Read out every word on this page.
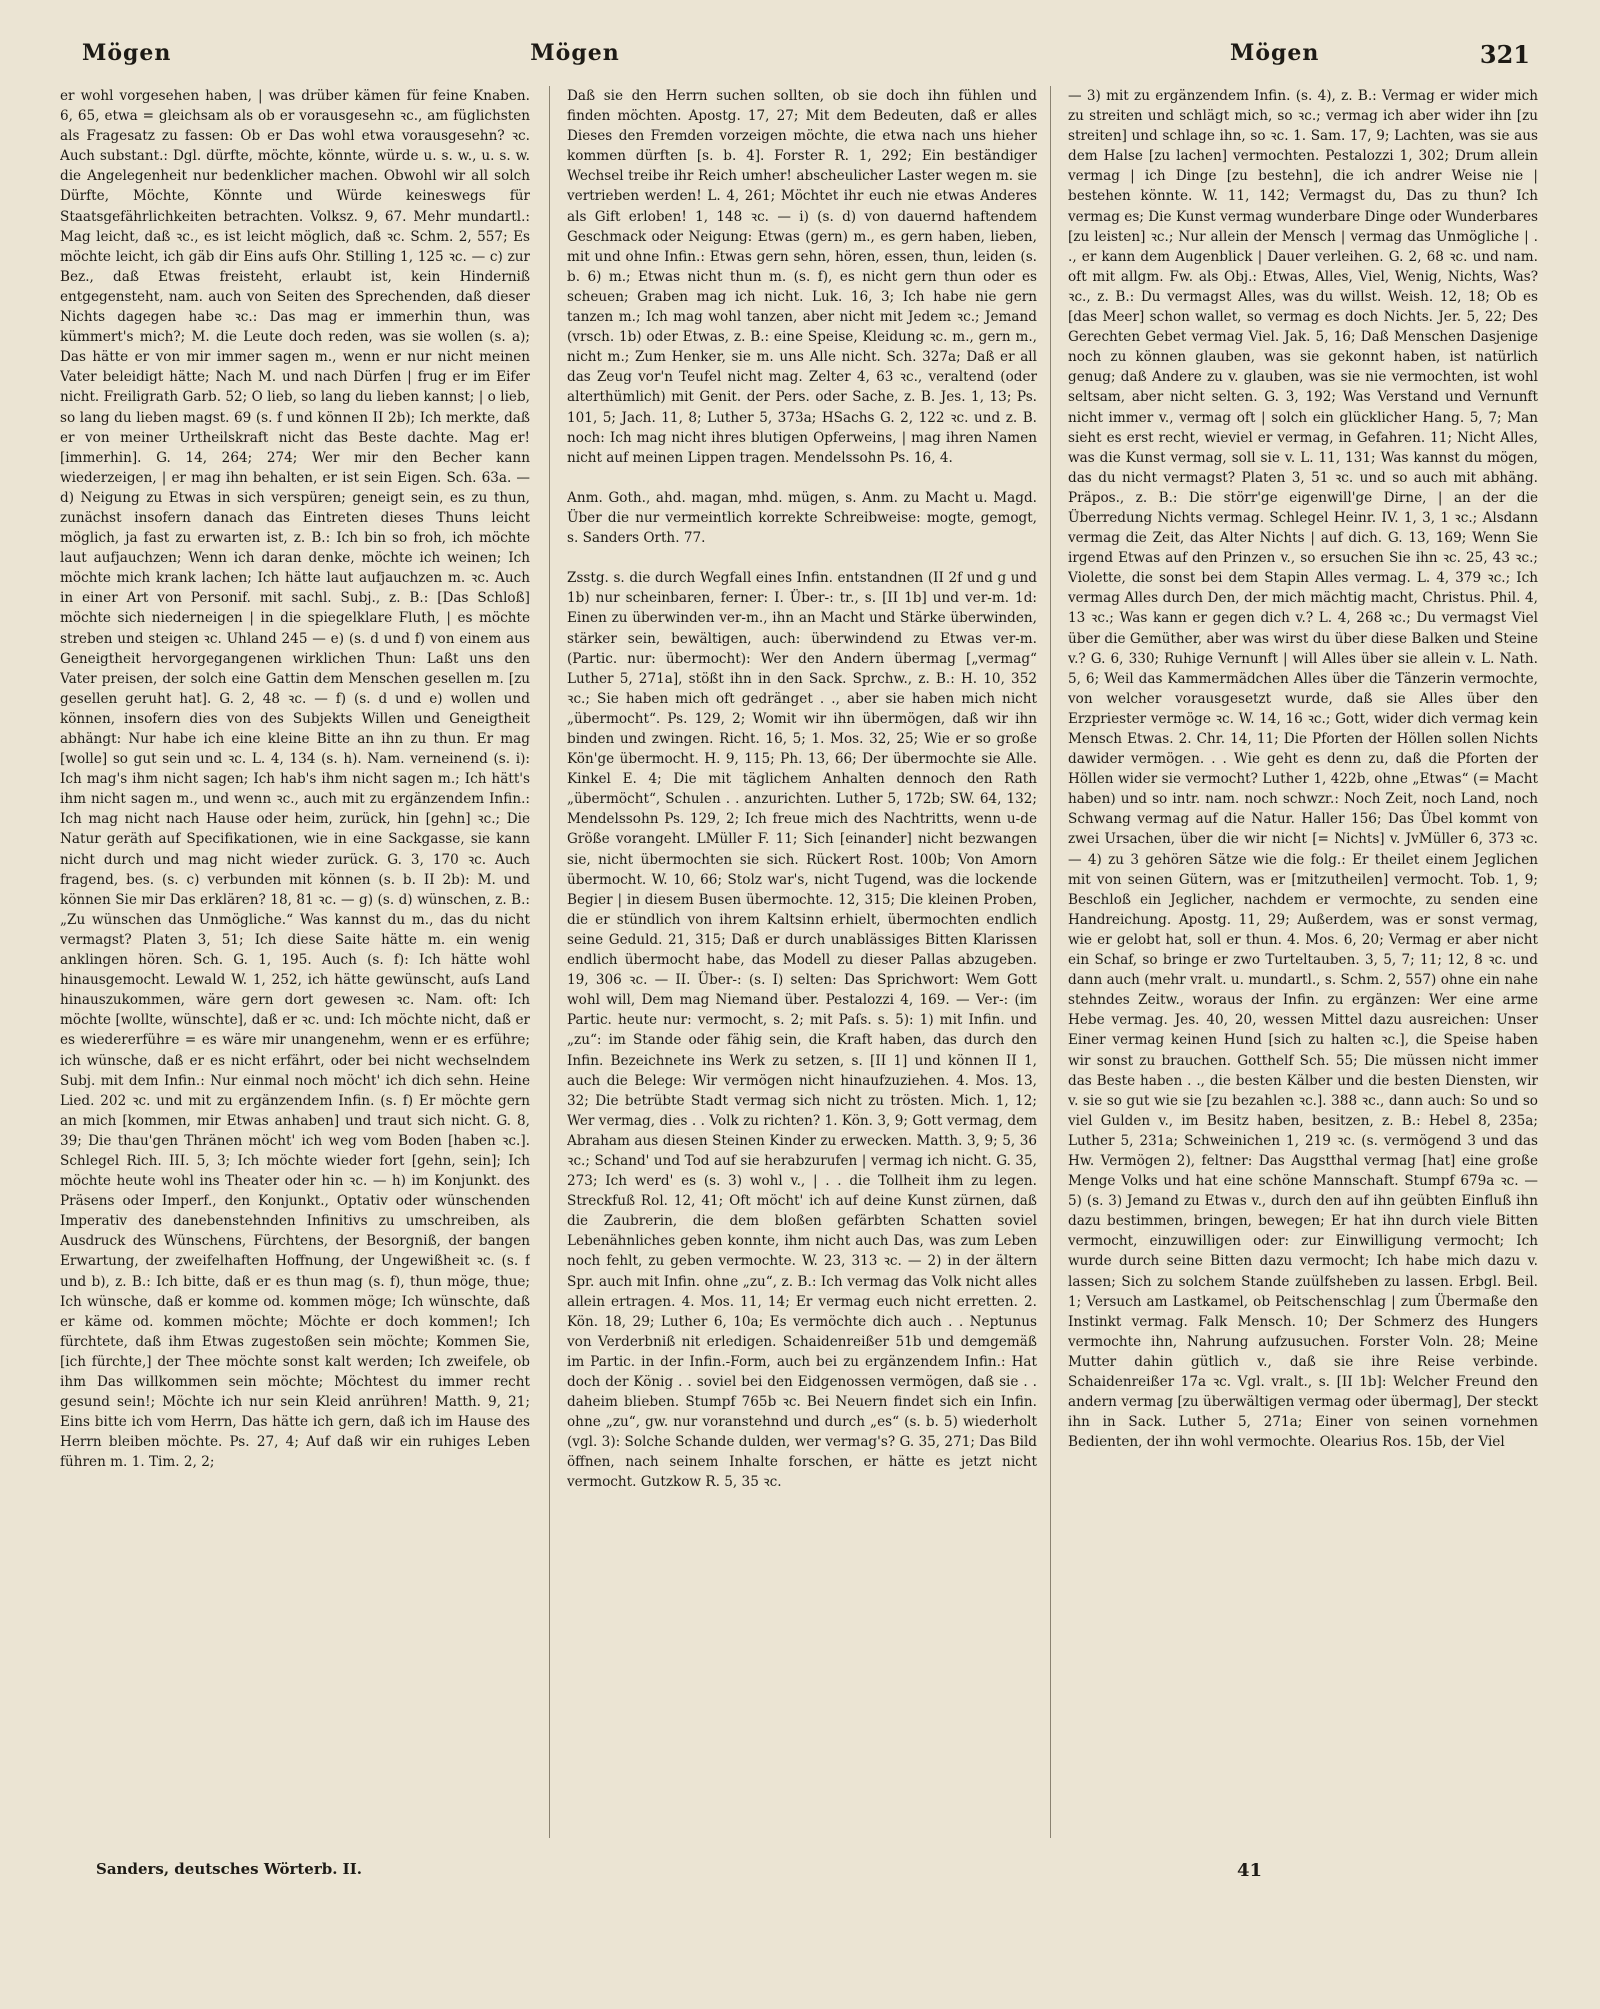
Mögen	Mögen	Mögen	321

er wohl vorgesehen haben, | was drüber kämen für feine Knaben. 6, 65, etwa = gleichsam als ob er vorausgesehn ꝛc., am füglichsten als Fragesatz zu fassen: Ob er Das wohl etwa vorausgesehn? ꝛc. Auch substant.: Dgl. dürfte, möchte, könnte, würde u. s. w., u. s. w. die Angelegenheit nur bedenklicher machen. Obwohl wir all solch Dürfte, Möchte, Könnte und Würde keineswegs für Staatsgefährlichkeiten betrachten. Volksz. 9, 67. Mehr mundartl.: Mag leicht, daß ꝛc., es ist leicht möglich, daß ꝛc. Schm. 2, 557; Es möchte leicht, ich gäb dir Eins aufs Ohr. Stilling 1, 125 ꝛc. — c) zur Bez., daß Etwas freisteht, erlaubt ist, kein Hinderniß entgegensteht, nam. auch von Seiten des Sprechenden, daß dieser Nichts dagegen habe ꝛc.: Das mag er immerhin thun, was kümmert's mich?; M. die Leute doch reden, was sie wollen (s. a); Das hätte er von mir immer sagen m., wenn er nur nicht meinen Vater beleidigt hätte; Nach M. und nach Dürfen | frug er im Eifer nicht. Freiligrath Garb. 52; O lieb, so lang du lieben kannst; | o lieb, so lang du lieben magst. 69 (s. f und können II 2b); Ich merkte, daß er von meiner Urtheilskraft nicht das Beste dachte. Mag er! [immerhin]. G. 14, 264; 274; Wer mir den Becher kann wiederzeigen, | er mag ihn behalten, er ist sein Eigen. Sch. 63a. — d) Neigung zu Etwas in sich verspüren; geneigt sein, es zu thun, zunächst insofern danach das Eintreten dieses Thuns leicht möglich, ja fast zu erwarten ist, z. B.: Ich bin so froh, ich möchte laut aufjauchzen; Wenn ich daran denke, möchte ich weinen; Ich möchte mich krank lachen; Ich hätte laut aufjauchzen m. ꝛc. Auch in einer Art von Personif. mit sachl. Subj., z. B.: [Das Schloß] möchte sich niederneigen | in die spiegelklare Fluth, | es möchte streben und steigen ꝛc. Uhland 245 — e) (s. d und f) von einem aus Geneigtheit hervorgegangenen wirklichen Thun: Laßt uns den Vater preisen, der solch eine Gattin dem Menschen gesellen m. [zu gesellen geruht hat]. G. 2, 48 ꝛc. — f) (s. d und e) wollen und können, insofern dies von des Subjekts Willen und Geneigtheit abhängt: Nur habe ich eine kleine Bitte an ihn zu thun. Er mag [wolle] so gut sein und ꝛc. L. 4, 134 (s. h). Nam. verneinend (s. i): Ich mag's ihm nicht sagen; Ich hab's ihm nicht sagen m.; Ich hätt's ihm nicht sagen m., und wenn ꝛc., auch mit zu ergänzendem Infin.: Ich mag nicht nach Hause oder heim, zurück, hin [gehn] ꝛc.; Die Natur geräth auf Specifikationen, wie in eine Sackgasse, sie kann nicht durch und mag nicht wieder zurück. G. 3, 170 ꝛc. Auch fragend, bes. (s. c) verbunden mit können (s. b. II 2b): M. und können Sie mir Das erklären? 18, 81 ꝛc. — g) (s. d) wünschen, z. B.: „Zu wünschen das Unmögliche.“ Was kannst du m., das du nicht vermagst? Platen 3, 51; Ich diese Saite hätte m. ein wenig anklingen hören. Sch. G. 1, 195. Auch (s. f): Ich hätte wohl hinausgemocht. Lewald W. 1, 252, ich hätte gewünscht, auſs Land hinauszukommen, wäre gern dort gewesen ꝛc. Nam. oft: Ich möchte [wollte, wünschte], daß er ꝛc. und: Ich möchte nicht, daß er es wiedererführe = es wäre mir unangenehm, wenn er es erführe; ich wünsche, daß er es nicht erfährt, oder bei nicht wechselndem Subj. mit dem Infin.: Nur einmal noch möcht' ich dich sehn. Heine Lied. 202 ꝛc. und mit zu ergänzendem Infin. (s. f) Er möchte gern an mich [kommen, mir Etwas anhaben] und traut sich nicht. G. 8, 39; Die thau'gen Thränen möcht' ich weg vom Boden [haben ꝛc.]. Schlegel Rich. III. 5, 3; Ich möchte wieder fort [gehn, sein]; Ich möchte heute wohl ins Theater oder hin ꝛc. — h) im Konjunkt. des Präsens oder Imperf., den Konjunkt., Optativ oder wünschenden Imperativ des danebenstehnden Infinitivs zu umschreiben, als Ausdruck des Wünschens, Fürchtens, der Besorgniß, der bangen Erwartung, der zweifelhaften Hoffnung, der Ungewißheit ꝛc. (s. f und b), z. B.: Ich bitte, daß er es thun mag (s. f), thun möge, thue; Ich wünsche, daß er komme od. kommen möge; Ich wünschte, daß er käme od. kommen möchte; Möchte er doch kommen!; Ich fürchtete, daß ihm Etwas zugestoßen sein möchte; Kommen Sie, [ich fürchte,] der Thee möchte sonst kalt werden; Ich zweifele, ob ihm Das willkommen sein möchte; Möchtest du immer recht gesund sein!; Möchte ich nur sein Kleid anrühren! Matth. 9, 21; Eins bitte ich vom Herrn, Das hätte ich gern, daß ich im Hause des Herrn bleiben möchte. Ps. 27, 4; Auf daß wir ein ruhiges Leben führen m. 1. Tim. 2, 2;

Daß sie den Herrn suchen sollten, ob sie doch ihn fühlen und finden möchten. Apostg. 17, 27; Mit dem Bedeuten, daß er alles Dieses den Fremden vorzeigen möchte, die etwa nach uns hieher kommen dürften [s. b. 4]. Forster R. 1, 292; Ein beständiger Wechsel treibe ihr Reich umher! abscheulicher Laster wegen m. sie vertrieben werden! L. 4, 261; Möchtet ihr euch nie etwas Anderes als Gift erloben! 1, 148 ꝛc. — i) (s. d) von dauernd haftendem Geschmack oder Neigung: Etwas (gern) m., es gern haben, lieben, mit und ohne Infin.: Etwas gern sehn, hören, essen, thun, leiden (s. b. 6) m.; Etwas nicht thun m. (s. f), es nicht gern thun oder es scheuen; Graben mag ich nicht. Luk. 16, 3; Ich habe nie gern tanzen m.; Ich mag wohl tanzen, aber nicht mit Jedem ꝛc.; Jemand (vrsch. 1b) oder Etwas, z. B.: eine Speise, Kleidung ꝛc. m., gern m., nicht m.; Zum Henker, sie m. uns Alle nicht. Sch. 327a; Daß er all das Zeug vor'n Teufel nicht mag. Zelter 4, 63 ꝛc., veraltend (oder alterthümlich) mit Genit. der Pers. oder Sache, z. B. Jes. 1, 13; Ps. 101, 5; Jach. 11, 8; Luther 5, 373a; HSachs G. 2, 122 ꝛc. und z. B. noch: Ich mag nicht ihres blutigen Opferweins, | mag ihren Namen nicht auf meinen Lippen tragen. Mendelssohn Ps. 16, 4.

Anm. Goth., ahd. magan, mhd. mügen, s. Anm. zu Macht u. Magd. Über die nur vermeintlich korrekte Schreibweise: mogte, gemogt, s. Sanders Orth. 77.

Zsstg. s. die durch Wegfall eines Infin. entstandnen (II 2f und g und 1b) nur scheinbaren, ferner: I. Über-: tr., s. [II 1b] und ver-m. 1d: Einen zu überwinden ver-m., ihn an Macht und Stärke überwinden, stärker sein, bewältigen, auch: überwindend zu Etwas ver-m. (Partic. nur: übermocht): Wer den Andern übermag [„vermag“ Luther 5, 271a], stößt ihn in den Sack. Sprchw., z. B.: H. 10, 352 ꝛc.; Sie haben mich oft gedränget . ., aber sie haben mich nicht „übermocht“. Ps. 129, 2; Womit wir ihn übermögen, daß wir ihn binden und zwingen. Richt. 16, 5; 1. Mos. 32, 25; Wie er so große Kön'ge übermocht. H. 9, 115; Ph. 13, 66; Der übermochte sie Alle. Kinkel E. 4; Die mit täglichem Anhalten dennoch den Rath „übermöcht“, Schulen . . anzurichten. Luther 5, 172b; SW. 64, 132; Mendelssohn Ps. 129, 2; Ich freue mich des Nachtritts, wenn u-de Größe vorangeht. LMüller F. 11; Sich [einander] nicht bezwangen sie, nicht übermochten sie sich. Rückert Rost. 100b; Von Amorn übermocht. W. 10, 66; Stolz war's, nicht Tugend, was die lockende Begier | in diesem Busen übermochte. 12, 315; Die kleinen Proben, die er stündlich von ihrem Kaltsinn erhielt, übermochten endlich seine Geduld. 21, 315; Daß er durch unablässiges Bitten Klarissen endlich übermocht habe, das Modell zu dieser Pallas abzugeben. 19, 306 ꝛc. — II. Über-: (s. I) selten: Das Sprichwort: Wem Gott wohl will, Dem mag Niemand über. Pestalozzi 4, 169. — Ver-: (im Partic. heute nur: vermocht, s. 2; mit Paſs. s. 5): 1) mit Infin. und „zu“: im Stande oder fähig sein, die Kraft haben, das durch den Infin. Bezeichnete ins Werk zu setzen, s. [II 1] und können II 1, auch die Belege: Wir vermögen nicht hinaufzuziehen. 4. Mos. 13, 32; Die betrübte Stadt vermag sich nicht zu trösten. Mich. 1, 12; Wer vermag, dies . . Volk zu richten? 1. Kön. 3, 9; Gott vermag, dem Abraham aus diesen Steinen Kinder zu erwecken. Matth. 3, 9; 5, 36 ꝛc.; Schand' und Tod auf sie herabzurufen | vermag ich nicht. G. 35, 273; Ich werd' es (s. 3) wohl v., | . . die Tollheit ihm zu legen. Streckfuß Rol. 12, 41; Oft möcht' ich auf deine Kunst zürnen, daß die Zaubrerin, die dem bloßen gefärbten Schatten soviel Lebenähnliches geben konnte, ihm nicht auch Das, was zum Leben noch fehlt, zu geben vermochte. W. 23, 313 ꝛc. — 2) in der ältern Spr. auch mit Infin. ohne „zu“, z. B.: Ich vermag das Volk nicht alles allein ertragen. 4. Mos. 11, 14; Er vermag euch nicht erretten. 2. Kön. 18, 29; Luther 6, 10a; Es vermöchte dich auch . . Neptunus von Verderbniß nit erledigen. Schaidenreißer 51b und demgemäß im Partic. in der Infin.-Form, auch bei zu ergänzendem Infin.: Hat doch der König . . soviel bei den Eidgenossen vermögen, daß sie . . daheim blieben. Stumpf 765b ꝛc. Bei Neuern findet sich ein Infin. ohne „zu“, gw. nur voranstehnd und durch „es“ (s. b. 5) wiederholt (vgl. 3): Solche Schande dulden, wer vermag's? G. 35, 271; Das Bild öffnen, nach seinem Inhalte forschen, er hätte es jetzt nicht vermocht. Gutzkow R. 5, 35 ꝛc.

— 3) mit zu ergänzendem Infin. (s. 4), z. B.: Vermag er wider mich zu streiten und schlägt mich, so ꝛc.; vermag ich aber wider ihn [zu streiten] und schlage ihn, so ꝛc. 1. Sam. 17, 9; Lachten, was sie aus dem Halse [zu lachen] vermochten. Pestalozzi 1, 302; Drum allein vermag | ich Dinge [zu bestehn], die ich andrer Weise nie | bestehen könnte. W. 11, 142; Vermagst du, Das zu thun? Ich vermag es; Die Kunst vermag wunderbare Dinge oder Wunderbares [zu leisten] ꝛc.; Nur allein der Mensch | vermag das Unmögliche | . ., er kann dem Augenblick | Dauer verleihen. G. 2, 68 ꝛc. und nam. oft mit allgm. Fw. als Obj.: Etwas, Alles, Viel, Wenig, Nichts, Was? ꝛc., z. B.: Du vermagst Alles, was du willst. Weish. 12, 18; Ob es [das Meer] schon wallet, so vermag es doch Nichts. Jer. 5, 22; Des Gerechten Gebet vermag Viel. Jak. 5, 16; Daß Menschen Dasjenige noch zu können glauben, was sie gekonnt haben, ist natürlich genug; daß Andere zu v. glauben, was sie nie vermochten, ist wohl seltsam, aber nicht selten. G. 3, 192; Was Verstand und Vernunft nicht immer v., vermag oft | solch ein glücklicher Hang. 5, 7; Man sieht es erst recht, wieviel er vermag, in Gefahren. 11; Nicht Alles, was die Kunst vermag, soll sie v. L. 11, 131; Was kannst du mögen, das du nicht vermagst? Platen 3, 51 ꝛc. und so auch mit abhäng. Präpos., z. B.: Die störr'ge eigenwill'ge Dirne, | an der die Überredung Nichts vermag. Schlegel Heinr. IV. 1, 3, 1 ꝛc.; Alsdann vermag die Zeit, das Alter Nichts | auf dich. G. 13, 169; Wenn Sie irgend Etwas auf den Prinzen v., so ersuchen Sie ihn ꝛc. 25, 43 ꝛc.; Violette, die sonst bei dem Stapin Alles vermag. L. 4, 379 ꝛc.; Ich vermag Alles durch Den, der mich mächtig macht, Christus. Phil. 4, 13 ꝛc.; Was kann er gegen dich v.? L. 4, 268 ꝛc.; Du vermagst Viel über die Gemüther, aber was wirst du über diese Balken und Steine v.? G. 6, 330; Ruhige Vernunft | will Alles über sie allein v. L. Nath. 5, 6; Weil das Kammermädchen Alles über die Tänzerin vermochte, von welcher vorausgesetzt wurde, daß sie Alles über den Erzpriester vermöge ꝛc. W. 14, 16 ꝛc.; Gott, wider dich vermag kein Mensch Etwas. 2. Chr. 14, 11; Die Pforten der Höllen sollen Nichts dawider vermögen. . . Wie geht es denn zu, daß die Pforten der Höllen wider sie vermocht? Luther 1, 422b, ohne „Etwas“ (= Macht haben) und so intr. nam. noch schwzr.: Noch Zeit, noch Land, noch Schwang vermag auf die Natur. Haller 156; Das Übel kommt von zwei Ursachen, über die wir nicht [= Nichts] v. JvMüller 6, 373 ꝛc. — 4) zu 3 gehören Sätze wie die folg.: Er theilet einem Jeglichen mit von seinen Gütern, was er [mitzutheilen] vermocht. Tob. 1, 9; Beschloß ein Jeglicher, nachdem er vermochte, zu senden eine Handreichung. Apostg. 11, 29; Außerdem, was er sonst vermag, wie er gelobt hat, soll er thun. 4. Mos. 6, 20; Vermag er aber nicht ein Schaf, so bringe er zwo Turteltauben. 3, 5, 7; 11; 12, 8 ꝛc. und dann auch (mehr vralt. u. mundartl., s. Schm. 2, 557) ohne ein nahe stehndes Zeitw., woraus der Infin. zu ergänzen: Wer eine arme Hebe vermag. Jes. 40, 20, wessen Mittel dazu ausreichen: Unser Einer vermag keinen Hund [sich zu halten ꝛc.], die Speise haben wir sonst zu brauchen. Gotthelf Sch. 55; Die müssen nicht immer das Beste haben . ., die besten Kälber und die besten Diensten, wir v. sie so gut wie sie [zu bezahlen ꝛc.]. 388 ꝛc., dann auch: So und so viel Gulden v., im Besitz haben, besitzen, z. B.: Hebel 8, 235a; Luther 5, 231a; Schweinichen 1, 219 ꝛc. (s. vermögend 3 und das Hw. Vermögen 2), feltner: Das Augstthal vermag [hat] eine große Menge Volks und hat eine schöne Mannschaft. Stumpf 679a ꝛc. — 5) (s. 3) Jemand zu Etwas v., durch den auf ihn geübten Einfluß ihn dazu bestimmen, bringen, bewegen; Er hat ihn durch viele Bitten vermocht, einzuwilligen oder: zur Einwilligung vermocht; Ich wurde durch seine Bitten dazu vermocht; Ich habe mich dazu v. lassen; Sich zu solchem Stande zuülfsheben zu lassen. Erbgl. Beil. 1; Versuch am Lastkamel, ob Peitschenschlag | zum Übermaße den Instinkt vermag. Falk Mensch. 10; Der Schmerz des Hungers vermochte ihn, Nahrung aufzusuchen. Forster Voln. 28; Meine Mutter dahin gütlich v., daß sie ihre Reise verbinde. Schaidenreißer 17a ꝛc. Vgl. vralt., s. [II 1b]: Welcher Freund den andern vermag [zu überwältigen vermag oder übermag], Der steckt ihn in Sack. Luther 5, 271a; Einer von seinen vornehmen Bedienten, der ihn wohl vermochte. Olearius Ros. 15b, der Viel

Sanders, deutsches Wörterb. II.	41
